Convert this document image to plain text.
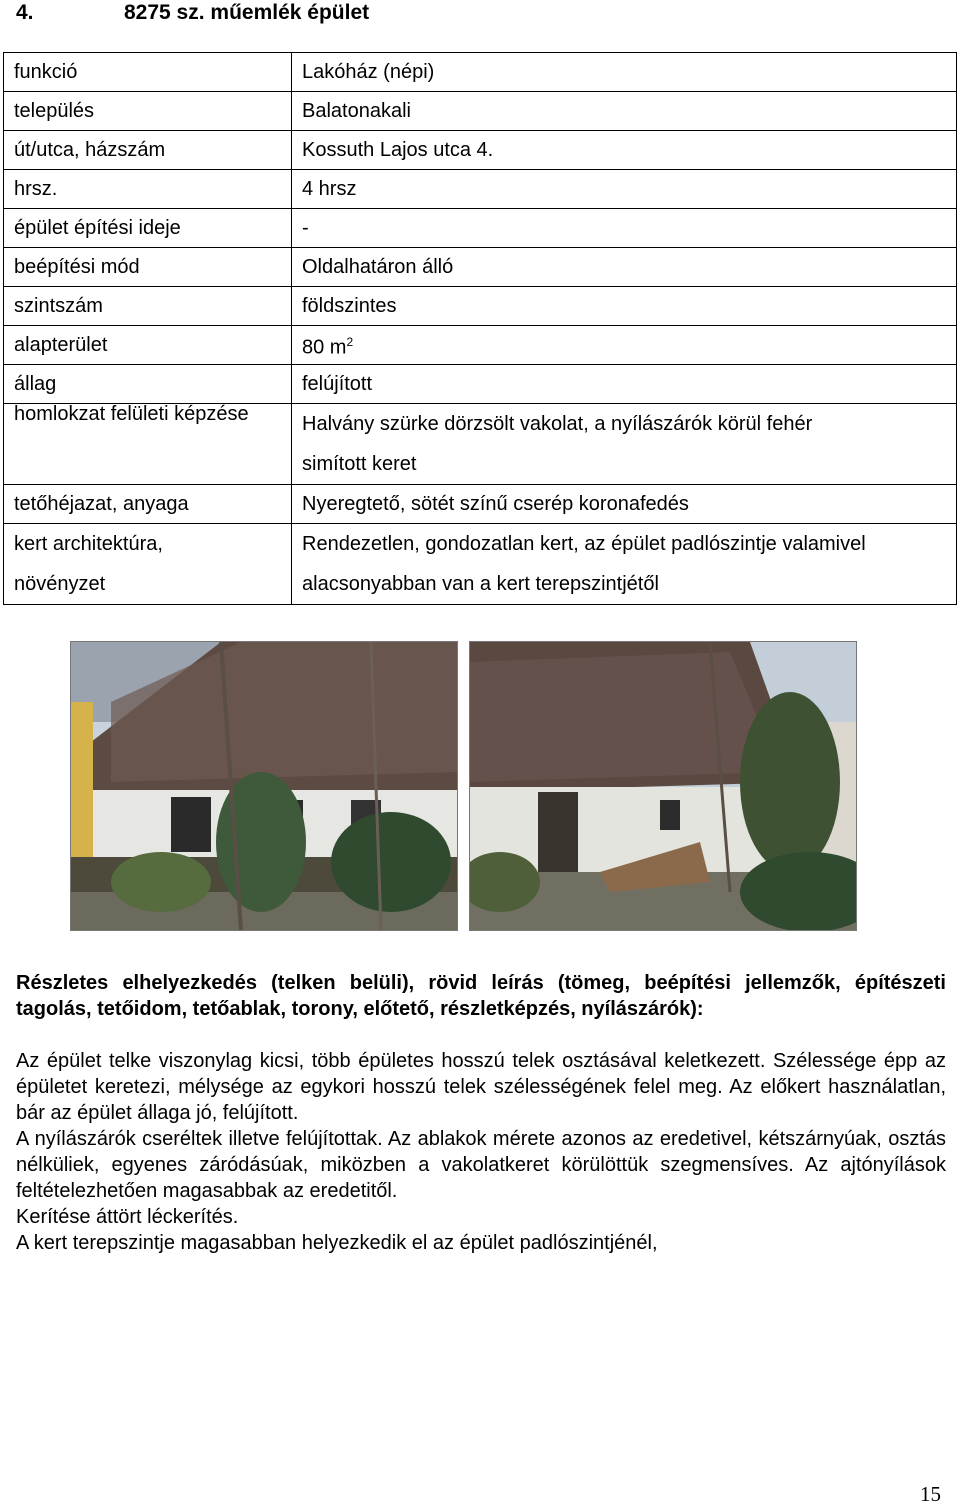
4.	8275 sz. műemlék épület
funkció	Lakóház (népi)
település	Balatonakali
út/utca, házszám	Kossuth Lajos utca 4.
hrsz.	4 hrsz
épület építési ideje	-
beépítési mód	Oldalhatáron álló
szintszám	földszintes
alapterület	80 $m^2$
állag	felújított
homlokzat felületi képzése	Halvány szürke dörzsölt vakolat, a nyílászárók körül fehér
simított keret

tetőhéjazat, anyaga	Nyeregtető, sötét színű cserép koronafedés

kert architektúra,
növényzet	Rendezetlen, gondozatlan kert, az épület padlószintje valamivel
alacsonyabban van a kert terepszintjétől
Részletes elhelyezkedés (telken belüli), rövid leírás (tömeg, beépítési jellemzők, építészeti tagolás, tetőidom, tetőablak, torony, előtető, részletképzés, nyílászárók):

Az épület telke viszonylag kicsi, több épületes hosszú telek osztásával keletkezett. Szélessége épp az épületet keretezi, mélysége az egykori hosszú telek szélességének felel meg. Az előkert használatlan, bár az épület állaga jó, felújított.

A nyílászárók cseréltek illetve felújítottak. Az ablakok mérete azonos az eredetivel, kétszárnyúak, osztás nélküliek, egyenes záródásúak, miközben a vakolatkeret körülöttük szegmensíves. Az ajtónyílások feltételezhetően magasabbak az eredetitől.

Kerítése áttört léckerítés.

A kert terepszintje magasabban helyezkedik el az épület padlószintjénél,

15
